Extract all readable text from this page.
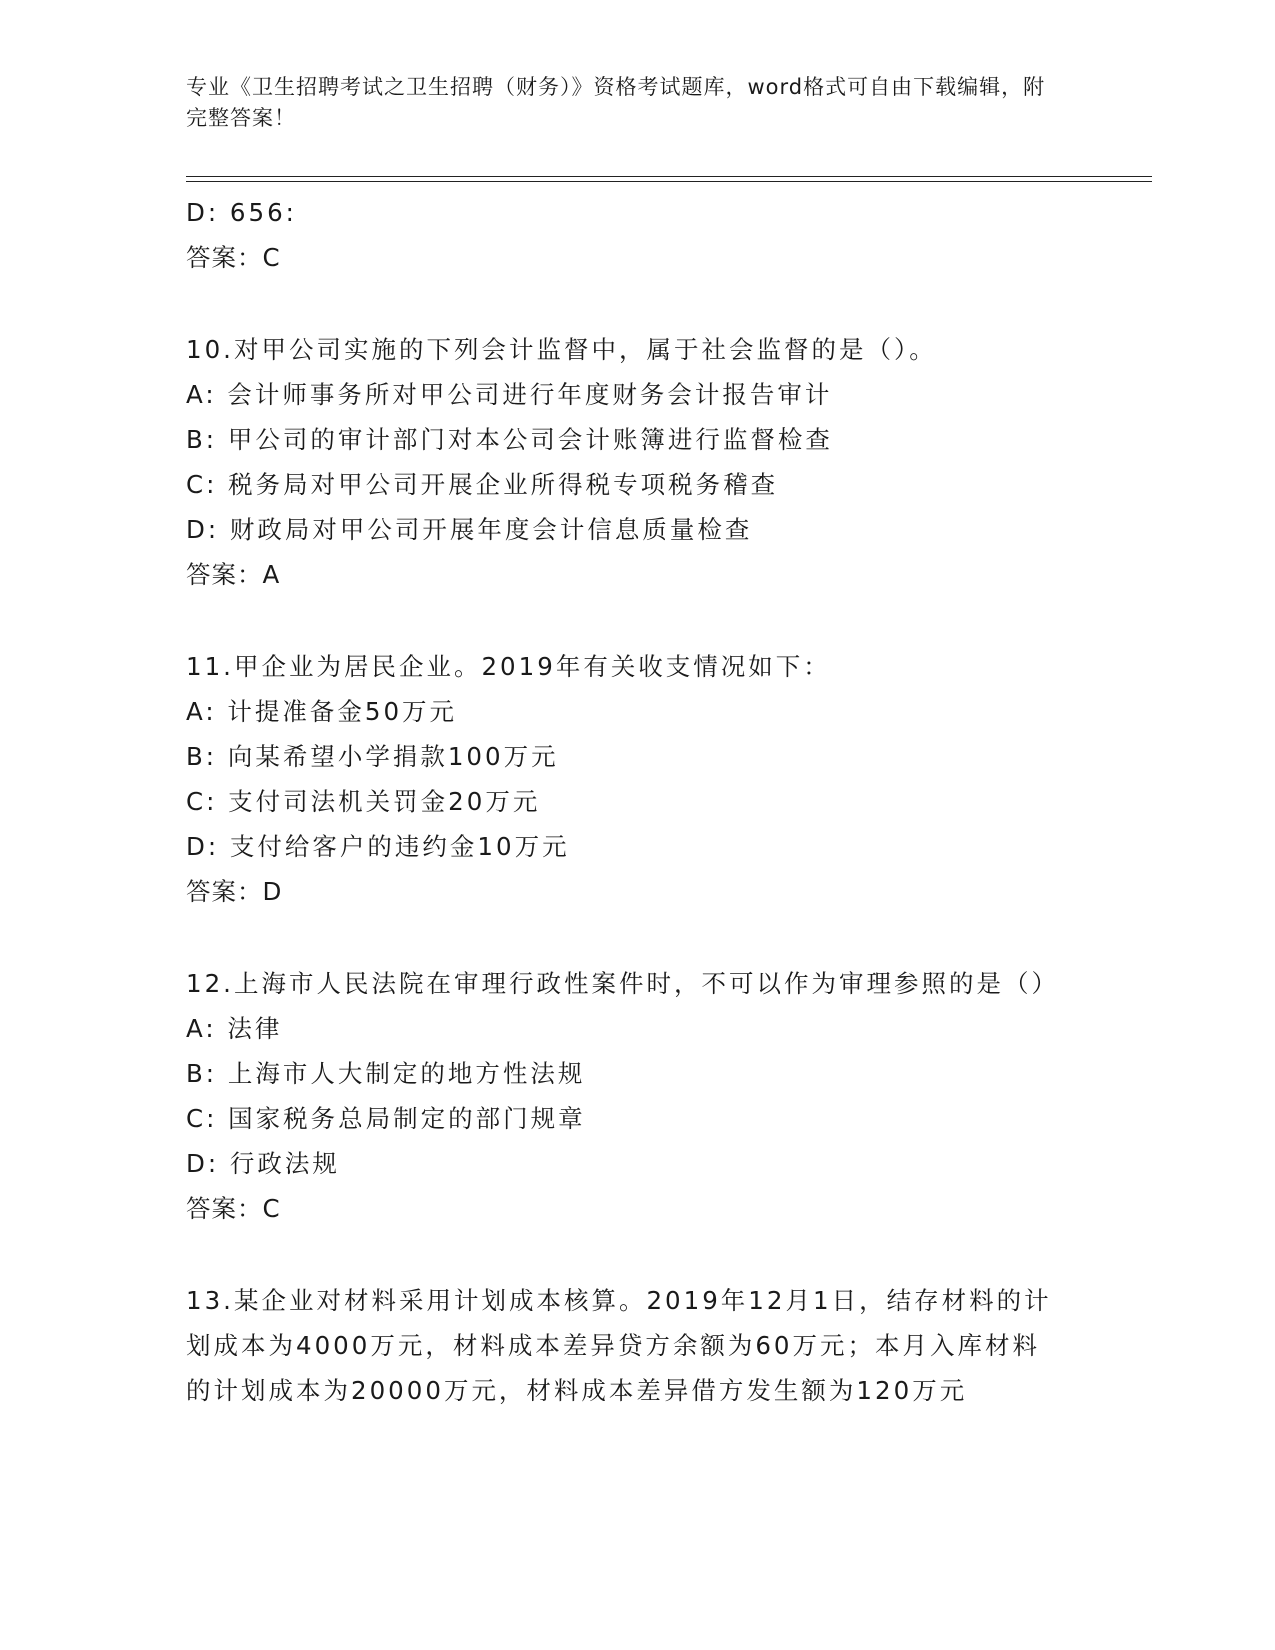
专业《卫生招聘考试之卫生招聘（财务）》资格考试题库，word格式可自由下载编辑，附完整答案！
D: 656:
答案：C
10.对甲公司实施的下列会计监督中，属于社会监督的是（）。
A: 会计师事务所对甲公司进行年度财务会计报告审计
B: 甲公司的审计部门对本公司会计账簿进行监督检查
C: 税务局对甲公司开展企业所得税专项税务稽查
D: 财政局对甲公司开展年度会计信息质量检查
答案：A
11.甲企业为居民企业。2019年有关收支情况如下：
A: 计提准备金50万元
B: 向某希望小学捐款100万元
C: 支付司法机关罚金20万元
D: 支付给客户的违约金10万元
答案：D
12.上海市人民法院在审理行政性案件时，不可以作为审理参照的是（）
A: 法律
B: 上海市人大制定的地方性法规
C: 国家税务总局制定的部门规章
D: 行政法规
答案：C
13.某企业对材料采用计划成本核算。2019年12月1日，结存材料的计划成本为4000万元，材料成本差异贷方余额为60万元；本月入库材料的计划成本为20000万元，材料成本差异借方发生额为120万元
